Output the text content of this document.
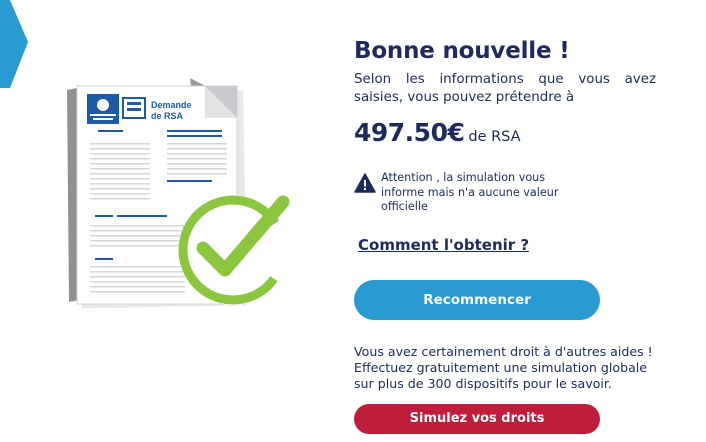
Demande
de RSA
Bonne nouvelle !

Selon les informations que vous avez saisies, vous pouvez prétendre à

497.50€ de RSA
Attention , la simulation vous informe mais n'a aucune valeur officielle
Comment l'obtenir ?
Recommencer

Vous avez certainement droit à d'autres aides ! Effectuez gratuitement une simulation globale sur plus de 300 dispositifs pour le savoir.

Simulez vos droits
